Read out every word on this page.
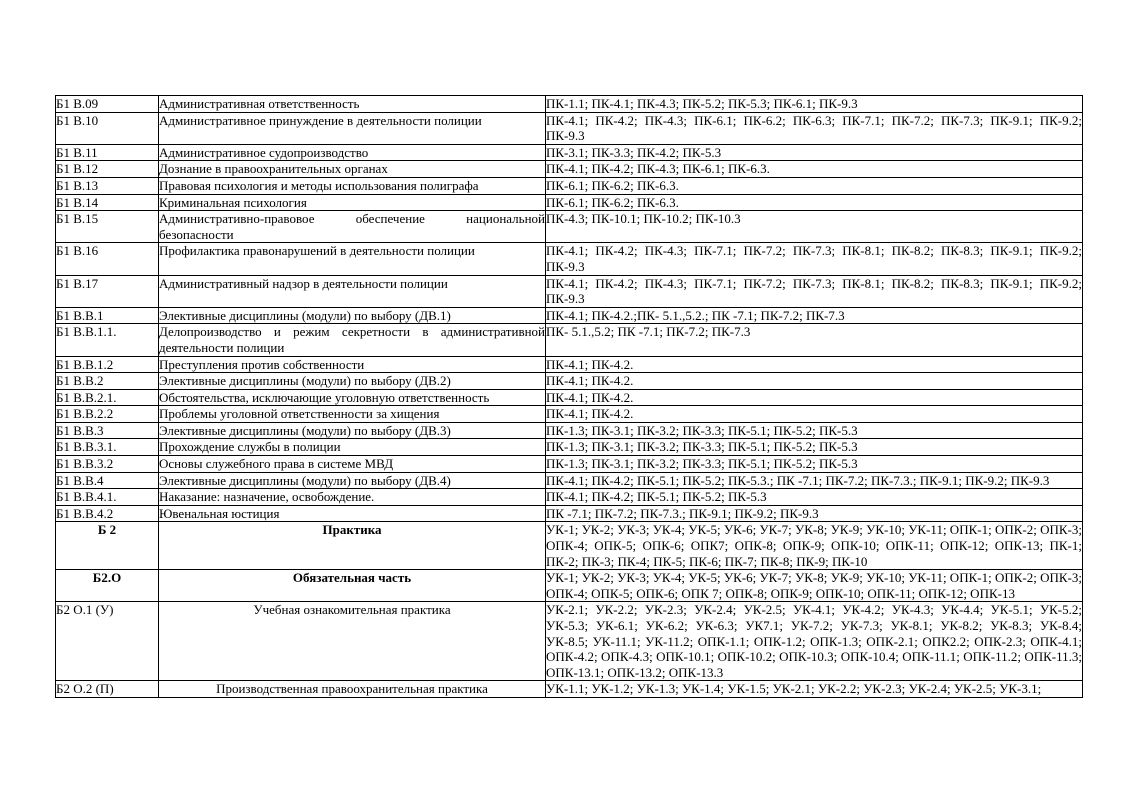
Б1 В.09	Административная ответственность	ПК-1.1; ПК-4.1; ПК-4.3; ПК-5.2; ПК-5.3; ПК-6.1; ПК-9.3
Б1 В.10	Административное принуждение в деятельности полиции	ПК-4.1; ПК-4.2; ПК-4.3; ПК-6.1; ПК-6.2; ПК-6.3; ПК-7.1; ПК-7.2; ПК-7.3; ПК-9.1; ПК-9.2; ПК-9.3
Б1 В.11	Административное судопроизводство	ПК-3.1; ПК-3.3; ПК-4.2; ПК-5.3
Б1 В.12	Дознание в правоохранительных органах	ПК-4.1; ПК-4.2; ПК-4.3; ПК-6.1; ПК-6.3.
Б1 В.13	Правовая психология и методы использования полиграфа	ПК-6.1; ПК-6.2; ПК-6.3.
Б1 В.14	Криминальная психология	ПК-6.1; ПК-6.2; ПК-6.3.
Б1 В.15	Административно-правовое обеспечение национальной безопасности	ПК-4.3; ПК-10.1; ПК-10.2; ПК-10.3
Б1 В.16	Профилактика правонарушений в деятельности полиции	ПК-4.1; ПК-4.2; ПК-4.3; ПК-7.1; ПК-7.2; ПК-7.3; ПК-8.1; ПК-8.2; ПК-8.3; ПК-9.1; ПК-9.2; ПК-9.3
Б1 В.17	Административный надзор в деятельности полиции	ПК-4.1; ПК-4.2; ПК-4.3; ПК-7.1; ПК-7.2; ПК-7.3; ПК-8.1; ПК-8.2; ПК-8.3; ПК-9.1; ПК-9.2; ПК-9.3
Б1 В.В.1	Элективные дисциплины (модули) по выбору (ДВ.1)	ПК-4.1; ПК-4.2.;ПК- 5.1.,5.2.; ПК -7.1; ПК-7.2; ПК-7.3
Б1 В.В.1.1.	Делопроизводство и режим секретности в административной деятельности полиции	ПК- 5.1.,5.2; ПК -7.1; ПК-7.2; ПК-7.3
Б1 В.В.1.2	Преступления против собственности	ПК-4.1; ПК-4.2.
Б1 В.В.2	Элективные дисциплины (модули) по выбору (ДВ.2)	ПК-4.1; ПК-4.2.
Б1 В.В.2.1.	Обстоятельства, исключающие уголовную ответственность	ПК-4.1; ПК-4.2.
Б1 В.В.2.2	Проблемы уголовной ответственности за хищения	ПК-4.1; ПК-4.2.
Б1 В.В.3	Элективные дисциплины (модули) по выбору (ДВ.3)	ПК-1.3; ПК-3.1; ПК-3.2; ПК-3.3; ПК-5.1; ПК-5.2; ПК-5.3
Б1 В.В.3.1.	Прохождение службы в полиции	ПК-1.3; ПК-3.1; ПК-3.2; ПК-3.3; ПК-5.1; ПК-5.2; ПК-5.3
Б1 В.В.3.2	Основы служебного права в системе МВД	ПК-1.3; ПК-3.1; ПК-3.2; ПК-3.3; ПК-5.1; ПК-5.2; ПК-5.3
Б1 В.В.4	Элективные дисциплины (модули) по выбору (ДВ.4)	ПК-4.1; ПК-4.2; ПК-5.1; ПК-5.2; ПК-5.3.; ПК -7.1; ПК-7.2; ПК-7.3.; ПК-9.1; ПК-9.2; ПК-9.3
Б1 В.В.4.1.	Наказание: назначение, освобождение.	ПК-4.1; ПК-4.2; ПК-5.1; ПК-5.2; ПК-5.3
Б1 В.В.4.2	Ювенальная юстиция	ПК -7.1; ПК-7.2; ПК-7.3.; ПК-9.1; ПК-9.2; ПК-9.3
Б 2	Практика	УК-1; УК-2; УК-3; УК-4; УК-5; УК-6; УК-7; УК-8; УК-9; УК-10; УК-11; ОПК-1; ОПК-2; ОПК-3; ОПК-4; ОПК-5; ОПК-6; ОПК7; ОПК-8; ОПК-9; ОПК-10; ОПК-11; ОПК-12; ОПК-13; ПК-1; ПК-2; ПК-3; ПК-4; ПК-5; ПК-6; ПК-7; ПК-8; ПК-9; ПК-10
Б2.О	Обязательная часть	УК-1; УК-2; УК-3; УК-4; УК-5; УК-6; УК-7; УК-8; УК-9; УК-10; УК-11; ОПК-1; ОПК-2; ОПК-3; ОПК-4; ОПК-5; ОПК-6; ОПК 7; ОПК-8; ОПК-9; ОПК-10; ОПК-11; ОПК-12; ОПК-13
Б2 О.1 (У)	Учебная ознакомительная практика	УК-2.1; УК-2.2; УК-2.3; УК-2.4; УК-2.5; УК-4.1; УК-4.2; УК-4.3; УК-4.4; УК-5.1; УК-5.2; УК-5.3; УК-6.1; УК-6.2; УК-6.3; УК7.1; УК-7.2; УК-7.3; УК-8.1; УК-8.2; УК-8.3; УК-8.4; УК-8.5; УК-11.1; УК-11.2; ОПК-1.1; ОПК-1.2; ОПК-1.3; ОПК-2.1; ОПК2.2; ОПК-2.3; ОПК-4.1; ОПК-4.2; ОПК-4.3; ОПК-10.1; ОПК-10.2; ОПК-10.3; ОПК-10.4; ОПК-11.1; ОПК-11.2; ОПК-11.3; ОПК-13.1; ОПК-13.2; ОПК-13.3
Б2 О.2 (П)	Производственная правоохранительная практика	УК-1.1; УК-1.2; УК-1.3; УК-1.4; УК-1.5; УК-2.1; УК-2.2; УК-2.3; УК-2.4; УК-2.5; УК-3.1;
